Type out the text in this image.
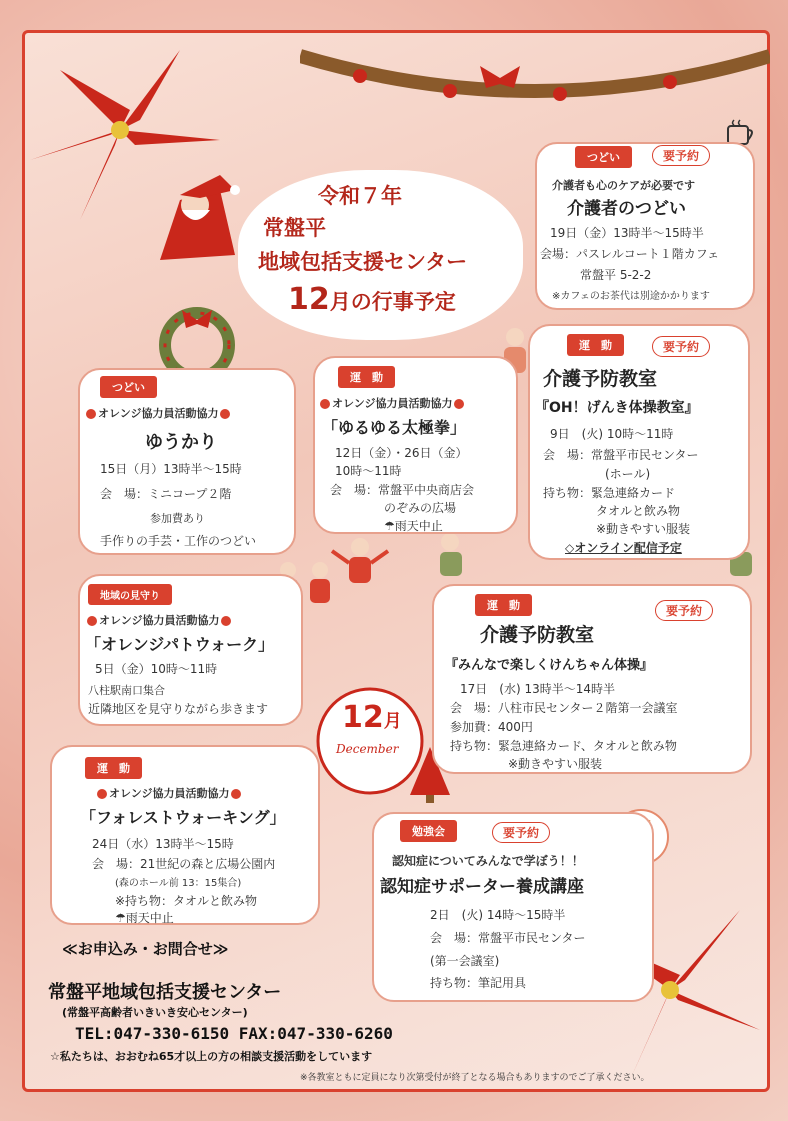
令和７年
常盤平
地域包括支援センター
12月の行事予定
つどい	要予約
介護者も心のケアが必要です
介護者のつどい
19日（金）13時半～15時半
会場：パスレルコート１階カフェ
常盤平 5-2-2
※カフェのお茶代は別途かかります
つどい
オレンジ協力員活動協力
ゆうかり
15日（月）13時半～15時
会　場：ミニコープ２階
参加費あり
手作りの手芸・工作のつどい
運　動
オレンジ協力員活動協力
「ゆるゆる太極拳」
12日（金）・26日（金）
10時～11時
会　場：常盤平中央商店会
のぞみの広場
☂雨天中止
運　動	要予約
介護予防教室
『OH！げんき体操教室』
9日　(火) 10時～11時
会　場：常盤平市民センター
(ホール)
持ち物：緊急連絡カード
タオルと飲み物
※動きやすい服装
◇オンライン配信予定
地域の見守り
オレンジ協力員活動協力
「オレンジパトウォーク」
5日（金）10時～11時
八柱駅南口集合
近隣地区を見守りながら歩きます
運　動	要予約
介護予防教室
『みんなで楽しくけんちゃん体操』
17日　(水) 13時半～14時半
会　場：八柱市民センター２階第一会議室
参加費：400円
持ち物：緊急連絡カード、タオルと飲み物
※動きやすい服装
12月
December
運　動
オレンジ協力員活動協力
「フォレストウォーキング」
24日（水）13時半～15時
会　場：21世紀の森と広場公園内
(森のホール前 13：15集合)
※持ち物：タオルと飲み物
☂雨天中止
勉強会	要予約
認知症についてみんなで学ぼう！！
認知症サポーター養成講座
2日　(火) 14時～15時半
会　場：常盤平市民センター
(第一会議室)
持ち物：筆記用具
≪お申込み・お問合せ≫
常盤平地域包括支援センター
(常盤平高齢者いきいき安心センター)
TEL:047-330-6150 FAX:047-330-6260
☆私たちは、おおむね65才以上の方の相談支援活動をしています
※各教室ともに定員になり次第受付が終了となる場合もありますのでご了承ください。
